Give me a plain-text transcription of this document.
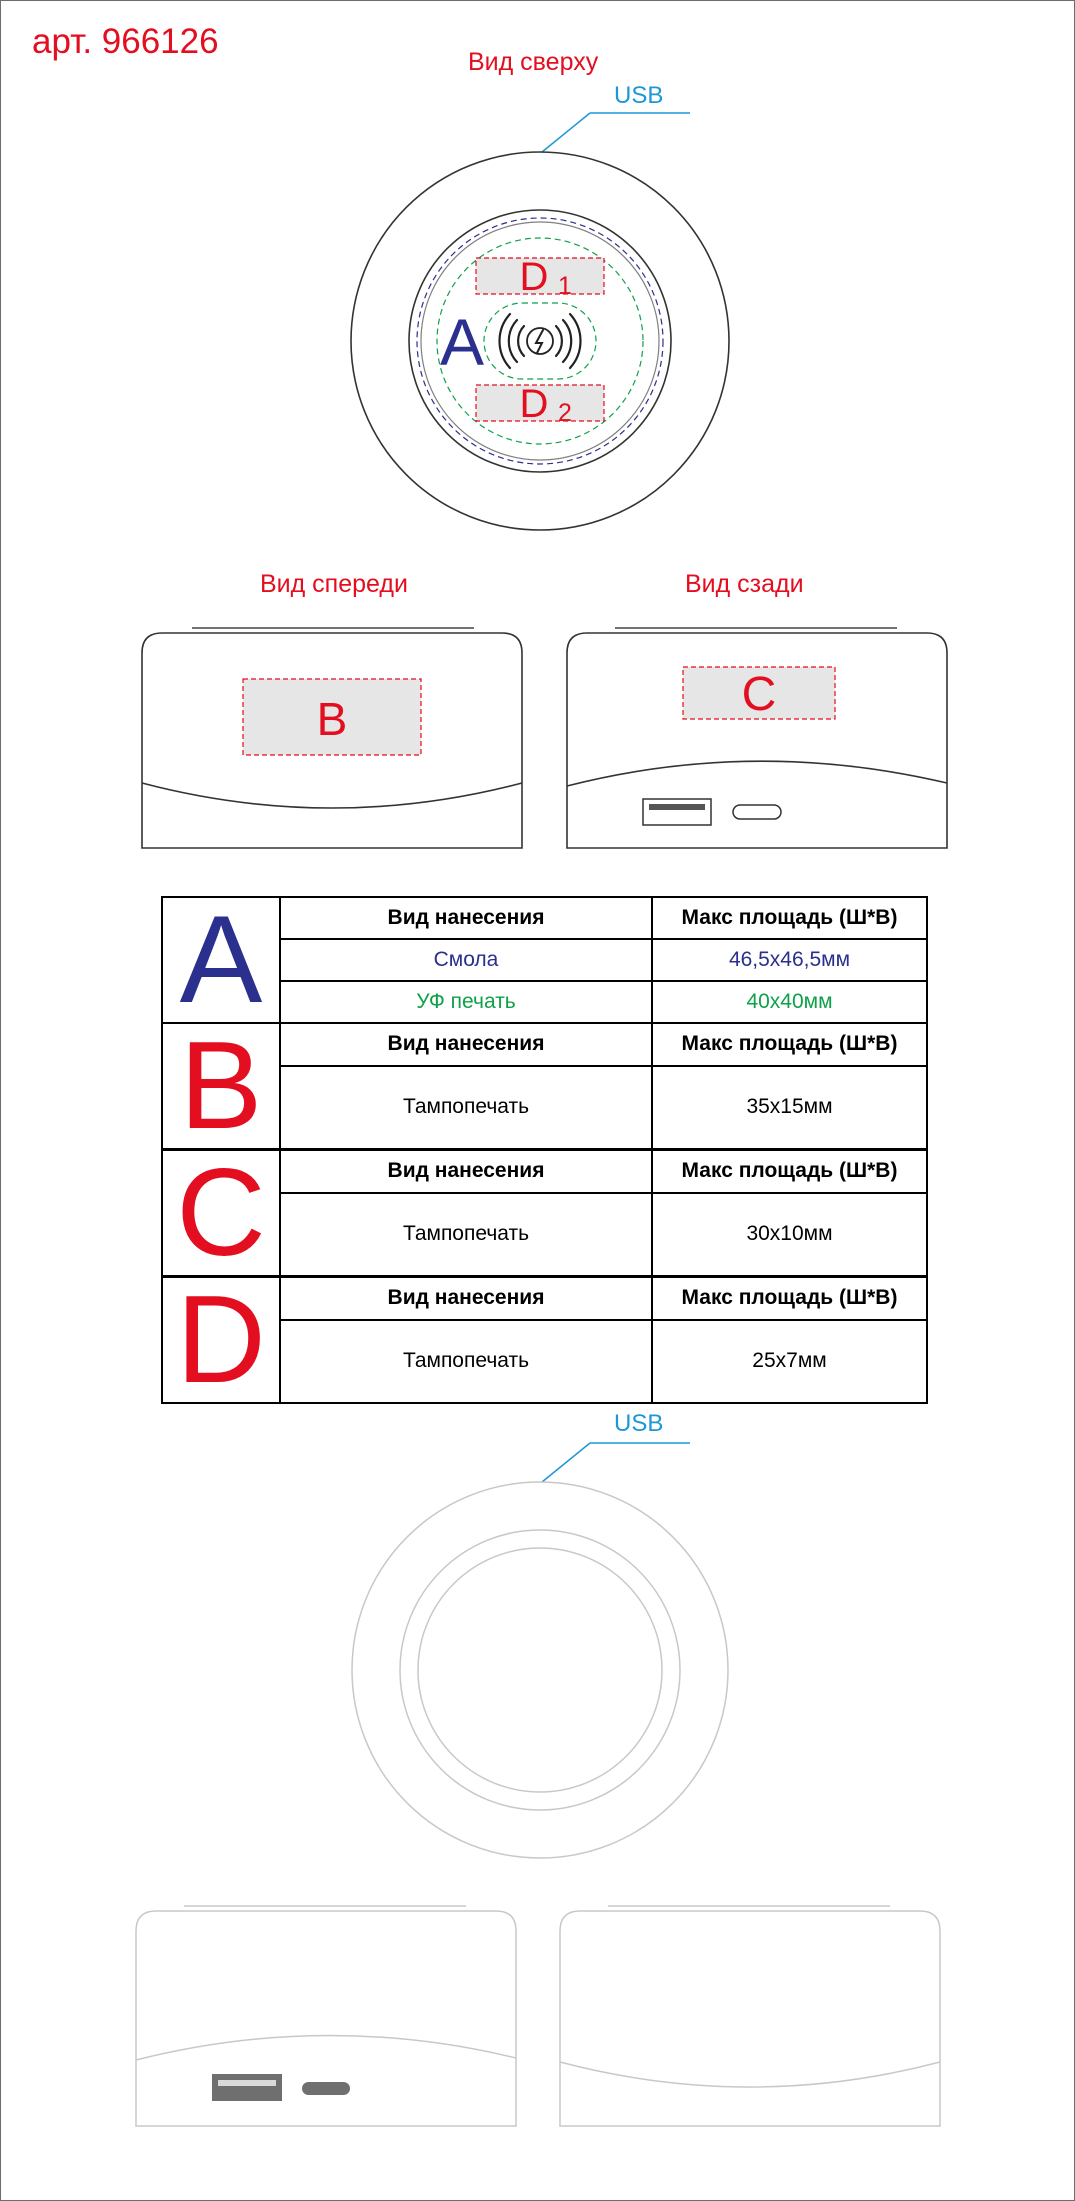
арт. 966126
Вид сверху
USB
A
D 1
D 2
Вид спереди	Вид сзади
B	C
A	Вид нанесения	Макс площадь (Ш*В)
	Смола	46,5х46,5мм
	УФ печать	40х40мм
B	Вид нанесения	Макс площадь (Ш*В)
	Тампопечать	35х15мм
C	Вид нанесения	Макс площадь (Ш*В)
	Тампопечать	30х10мм
D	Вид нанесения	Макс площадь (Ш*В)
	Тампопечать	25х7мм
USB
